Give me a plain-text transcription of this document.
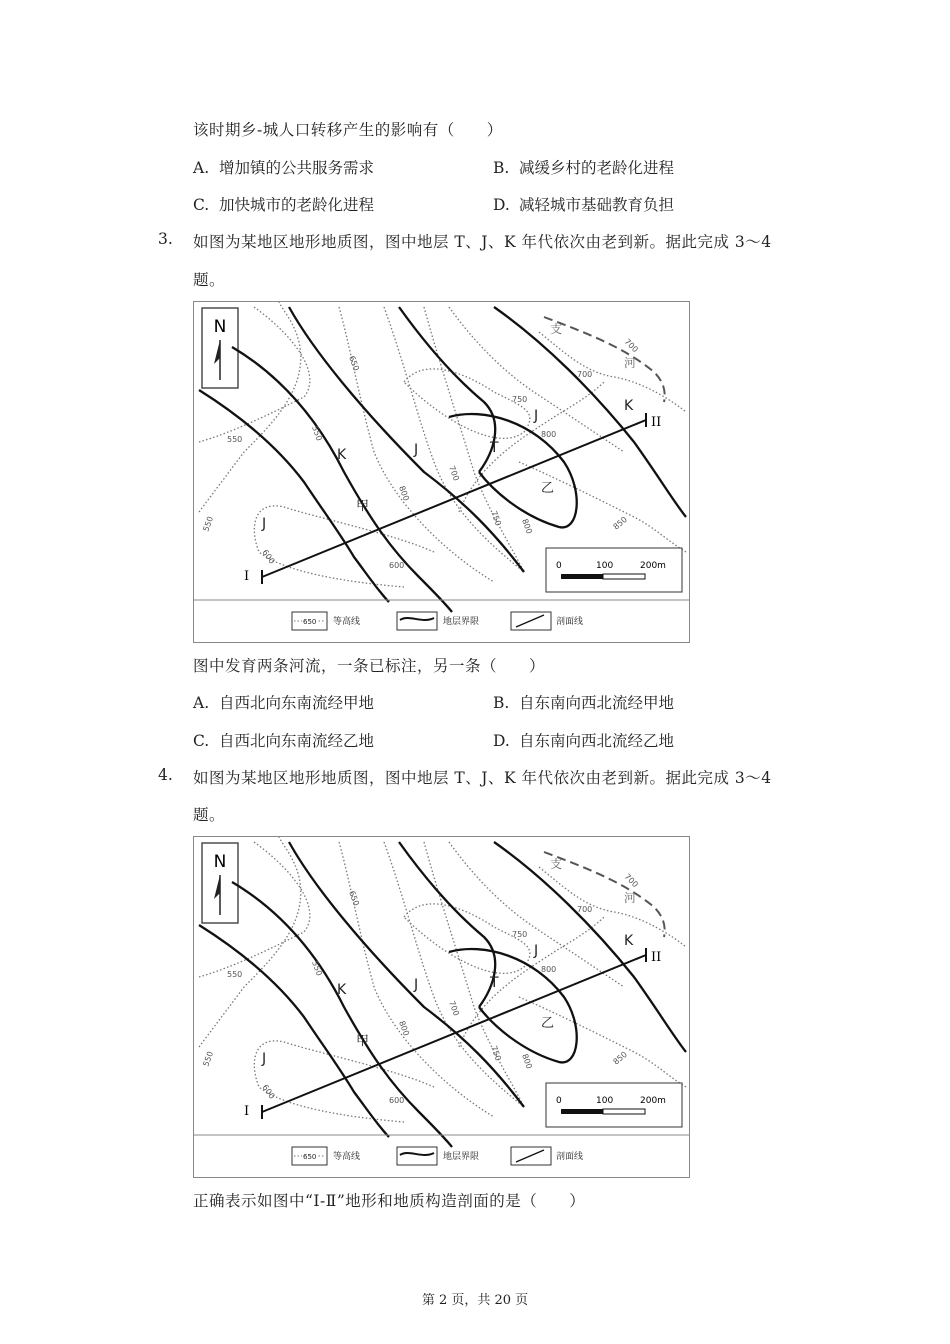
该时期乡-城人口转移产生的影响有（　　）
A. 增加镇的公共服务需求	B. 减缓乡村的老龄化进程
C. 加快城市的老龄化进程	D. 减轻城市基础教育负担
3. 如图为某地区地形地质图，图中地层 T、J、K 年代依次由老到新。据此完成 3～4
题。
N	支
河
550
550
550
600	600
650
700
700
700
750
750
800
800
850
800
K	J	T
J
K
J
甲
乙
I
II
0	100	200m
650 等高线	地层界限	剖面线
图中发育两条河流，一条已标注，另一条（　　）
A. 自西北向东南流经甲地	B. 自东南向西北流经甲地
C. 自西北向东南流经乙地	D. 自东南向西北流经乙地
4. 如图为某地区地形地质图，图中地层 T、J、K 年代依次由老到新。据此完成 3～4
题。
N	支
河
550
550
550
600	600
650
700
700
700
750
750
800
800
850
800
K	J	T
J
K
J
甲
乙
I
II
0	100	200m
650 等高线	地层界限	剖面线
正确表示如图中“Ⅰ-Ⅱ”地形和地质构造剖面的是（　　）
第 2 页，共 20 页
